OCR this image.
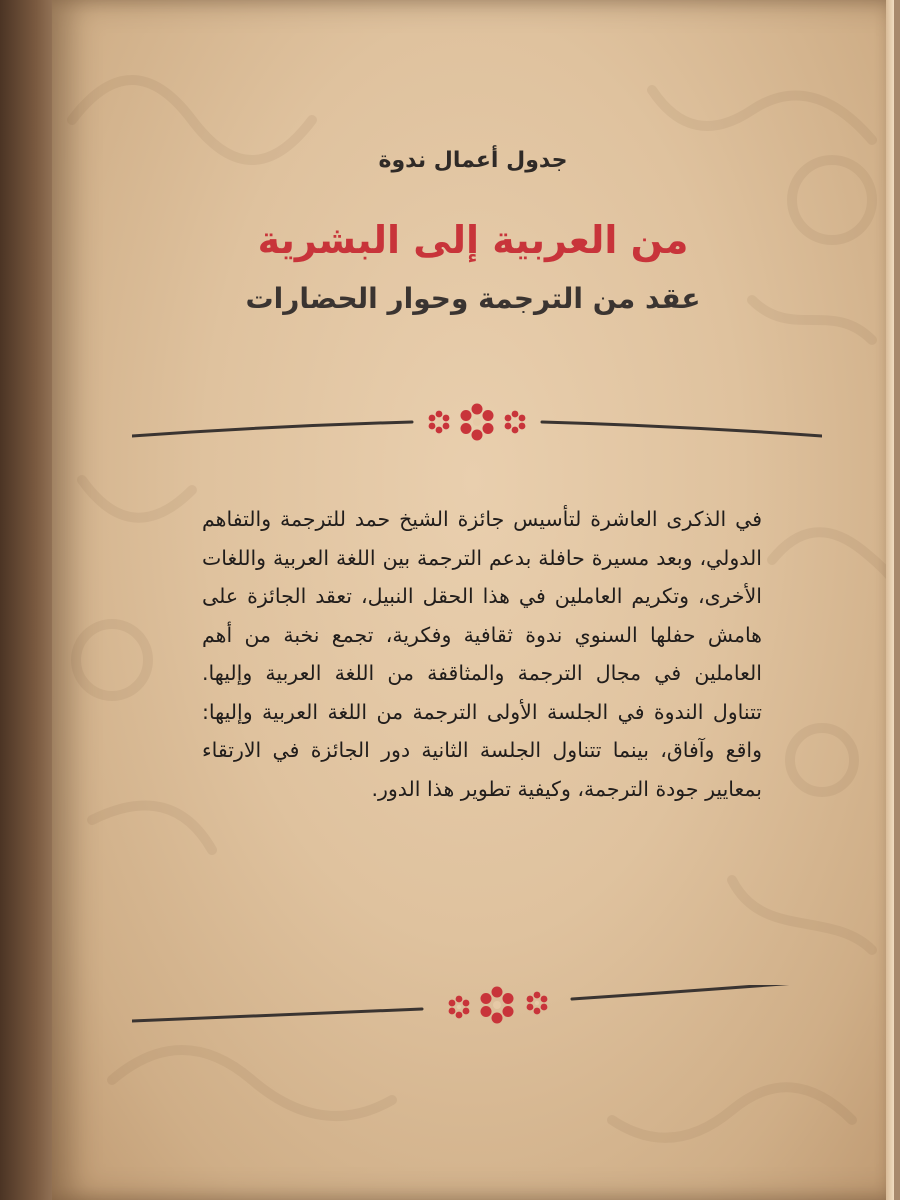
جدول أعمال ندوة
من العربية إلى البشرية
عقد من الترجمة وحوار الحضارات

في الذكرى العاشرة لتأسيس جائزة الشيخ حمد للترجمة والتفاهم الدولي، وبعد مسيرة حافلة بدعم الترجمة بين اللغة العربية واللغات الأخرى، وتكريم العاملين في هذا الحقل النبيل، تعقد الجائزة على هامش حفلها السنوي ندوة ثقافية وفكرية، تجمع نخبة من أهم العاملين في مجال الترجمة والمثاقفة من اللغة العربية وإليها. تتناول الندوة في الجلسة الأولى الترجمة من اللغة العربية وإليها: واقع وآفاق، بينما تتناول الجلسة الثانية دور الجائزة في الارتقاء بمعايير جودة الترجمة، وكيفية تطوير هذا الدور.
